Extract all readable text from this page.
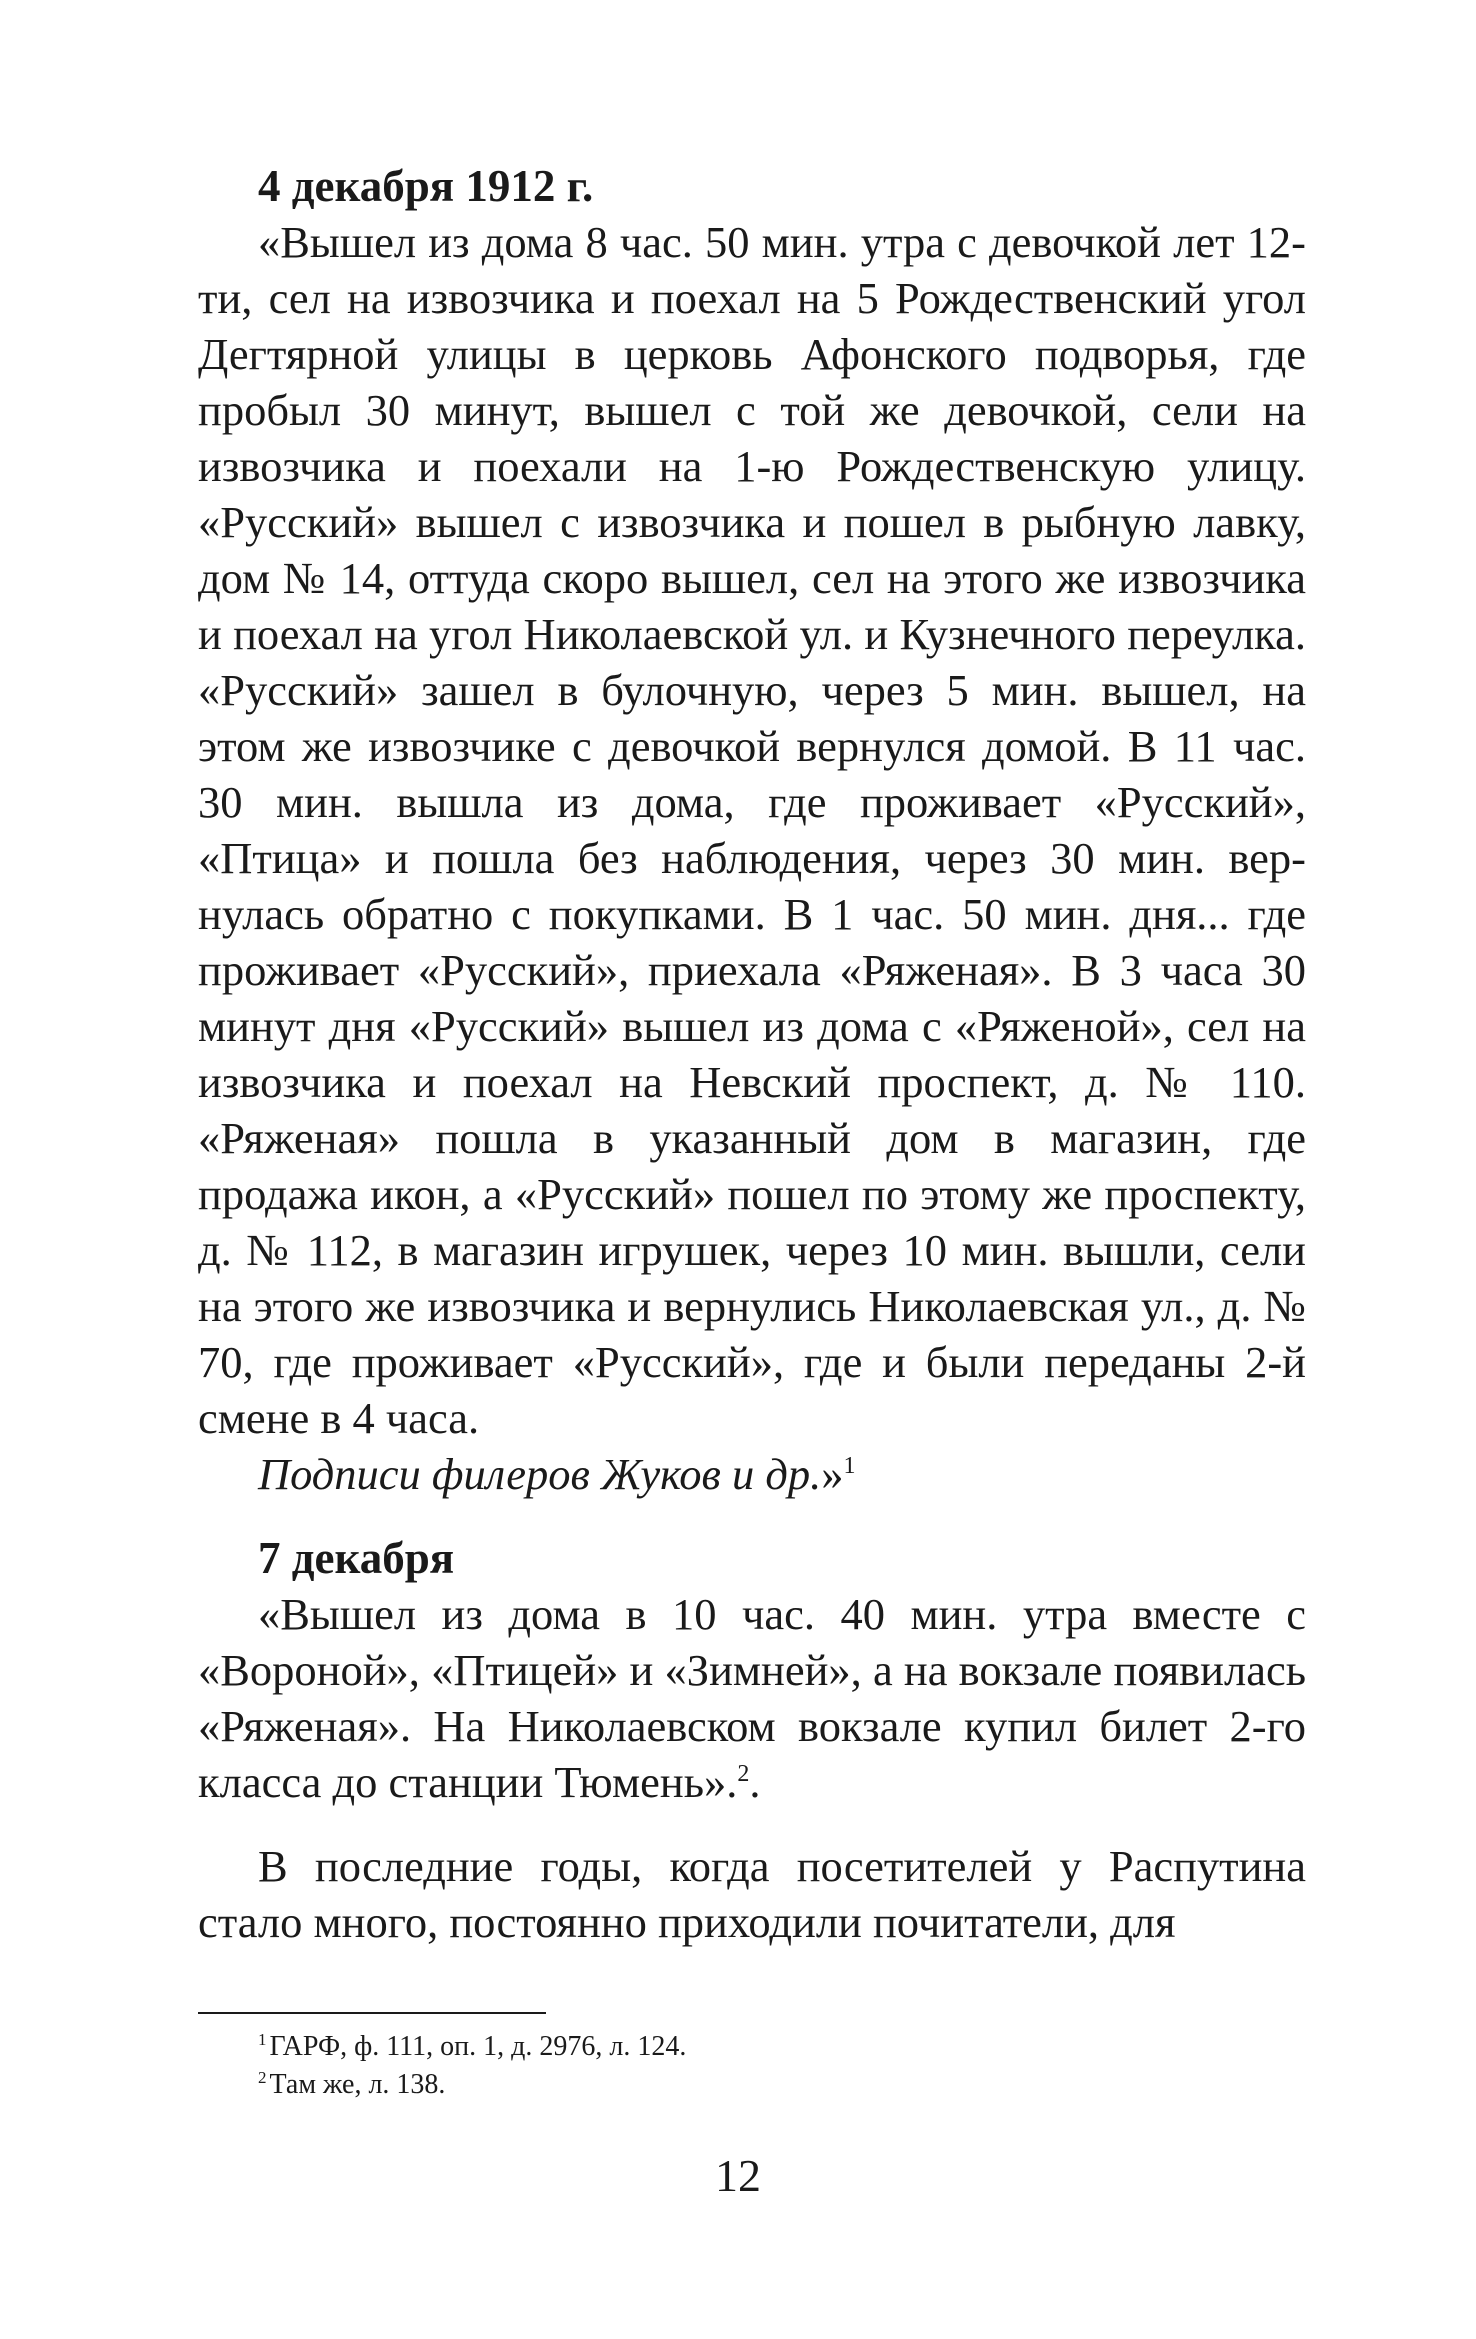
4 декабря 1912 г.

«Вышел из дома 8 час. 50 мин. утра с девочкой лет 12-ти, сел на извозчика и поехал на 5 Рождественский угол Дегтярной улицы в церковь Афонского подворья, где пробыл 30 минут, вышел с той же девочкой, сели на извозчика и поехали на 1-ю Рождественскую улицу. «Русский» вышел с извозчика и пошел в рыбную лавку, дом № 14, оттуда скоро вышел, сел на этого же извозчика и поехал на угол Николаевской ул. и Кузнечного переулка. «Русский» зашел в булочную, через 5 мин. вышел, на этом же извозчике с девочкой вернулся домой. В 11 час. 30 мин. вышла из дома, где проживает «Русский», «Птица» и пошла без наблюдения, через 30 мин. вернулась обратно с покупками. В 1 час. 50 мин. дня... где проживает «Русский», приехала «Ряженая». В 3 часа 30 минут дня «Русский» вышел из дома с «Ряженой», сел на извозчика и поехал на Невский проспект, д. № 110. «Ряженая» пошла в указанный дом в магазин, где продажа икон, а «Русский» пошел по этому же проспекту, д. № 112, в магазин игрушек, через 10 мин. вышли, сели на этого же извозчика и вернулись Николаевская ул., д. № 70, где проживает «Русский», где и были переданы 2-й смене в 4 часа.

Подписи филеров Жуков и др.»$^1$

7 декабря

«Вышел из дома в 10 час. 40 мин. утра вместе с «Вороной», «Птицей» и «Зимней», а на вокзале появилась «Ряженая». На Николаевском вокзале купил билет 2-го класса до станции Тюмень».$^2$.

В последние годы, когда посетителей у Распутина стало много, постоянно приходили почитатели, для

$^1$ ГАРФ, ф. 111, оп. 1, д. 2976, л. 124.

$^2$ Там же, л. 138.

12
